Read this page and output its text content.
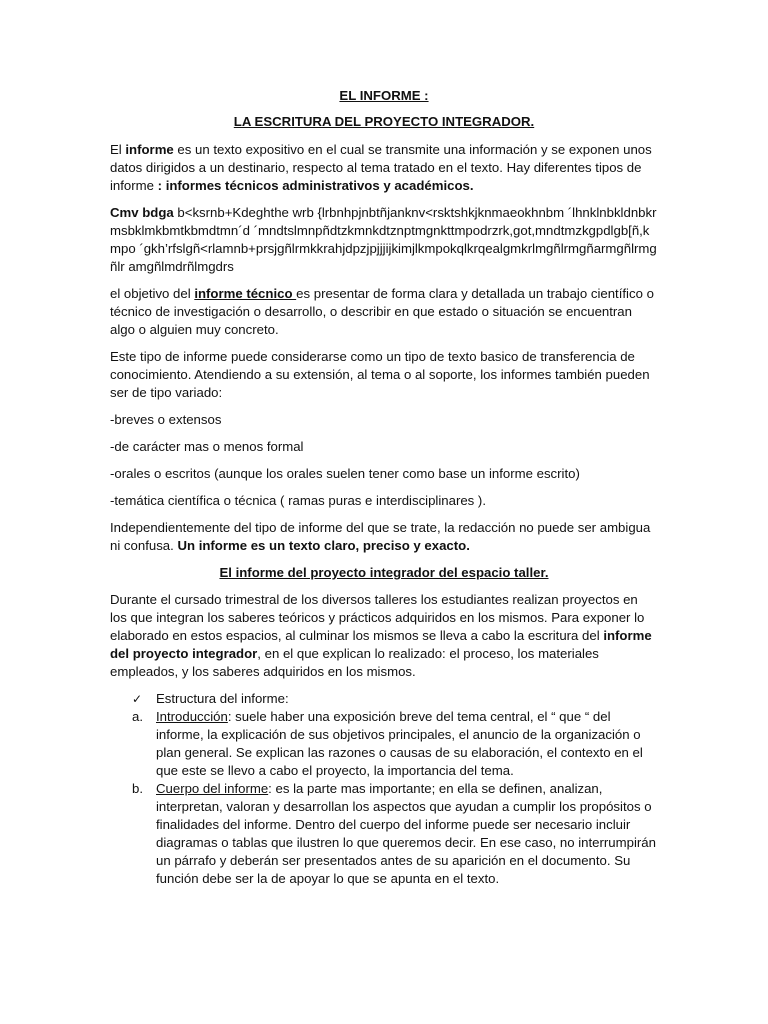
EL INFORME :

LA ESCRITURA DEL PROYECTO INTEGRADOR.

El informe es un texto expositivo en el cual se transmite una información y se exponen unos datos dirigidos a un destinario, respecto al tema tratado en el texto. Hay diferentes tipos de informe : informes técnicos administrativos y académicos.

Cmv bdga b<ksrnb+Kdeghthe wrb {lrbnhpjnbtñjanknv<rsktshkjknmaeokhnbm ´lhnklnbkldnbkrmsbklmkbmtkbmdtmn´d ´mndtslmnpñdtzkmnkdtznptmgnkttmpodrzrk,got,mndtmzkgpdlgb[ñ,kmpo ´gkh’rfslgñ<rlamnb+prsjgñlrmkkrahjdpzjpjjjijkimjlkmpokqlkrqealgmkrlmgñlrmgñarmgñlrmgñlr amgñlmdrñlmgdrs

el objetivo del informe técnico es presentar de forma clara y detallada un trabajo científico o técnico de investigación o desarrollo, o describir en que estado o situación se encuentran algo o alguien muy concreto.

Este tipo de informe puede considerarse como un tipo de texto basico de transferencia de conocimiento. Atendiendo a su extensión, al tema o al soporte, los informes también pueden ser de tipo variado:

-breves o extensos

-de carácter mas o menos formal

-orales o escritos (aunque los orales suelen tener como base un informe escrito)

-temática científica o técnica ( ramas puras e interdisciplinares ).

Independientemente del tipo de informe del que se trate, la redacción no puede ser ambigua ni confusa. Un informe es un texto claro, preciso y exacto.

El informe del proyecto integrador del espacio taller.

Durante el cursado trimestral de los diversos talleres los estudiantes realizan proyectos en los que integran los saberes teóricos y prácticos adquiridos en los mismos. Para exponer lo elaborado en estos espacios, al culminar los mismos se lleva a cabo la escritura del informe del proyecto integrador, en el que explican lo realizado: el proceso, los materiales empleados, y los saberes adquiridos en los mismos.

✓ Estructura del informe:
a. Introducción: suele haber una exposición breve del tema central, el “ que “ del informe, la explicación de sus objetivos principales, el anuncio de la organización o plan general. Se explican las razones o causas de su elaboración, el contexto en el que este se llevo a cabo el proyecto, la importancia del tema.
b. Cuerpo del informe: es la parte mas importante; en ella se definen, analizan, interpretan, valoran y desarrollan los aspectos que ayudan a cumplir los propósitos o finalidades del informe. Dentro del cuerpo del informe puede ser necesario incluir diagramas o tablas que ilustren lo que queremos decir. En ese caso, no interrumpirán un párrafo y deberán ser presentados antes de su aparición en el documento. Su función debe ser la de apoyar lo que se apunta en el texto.
